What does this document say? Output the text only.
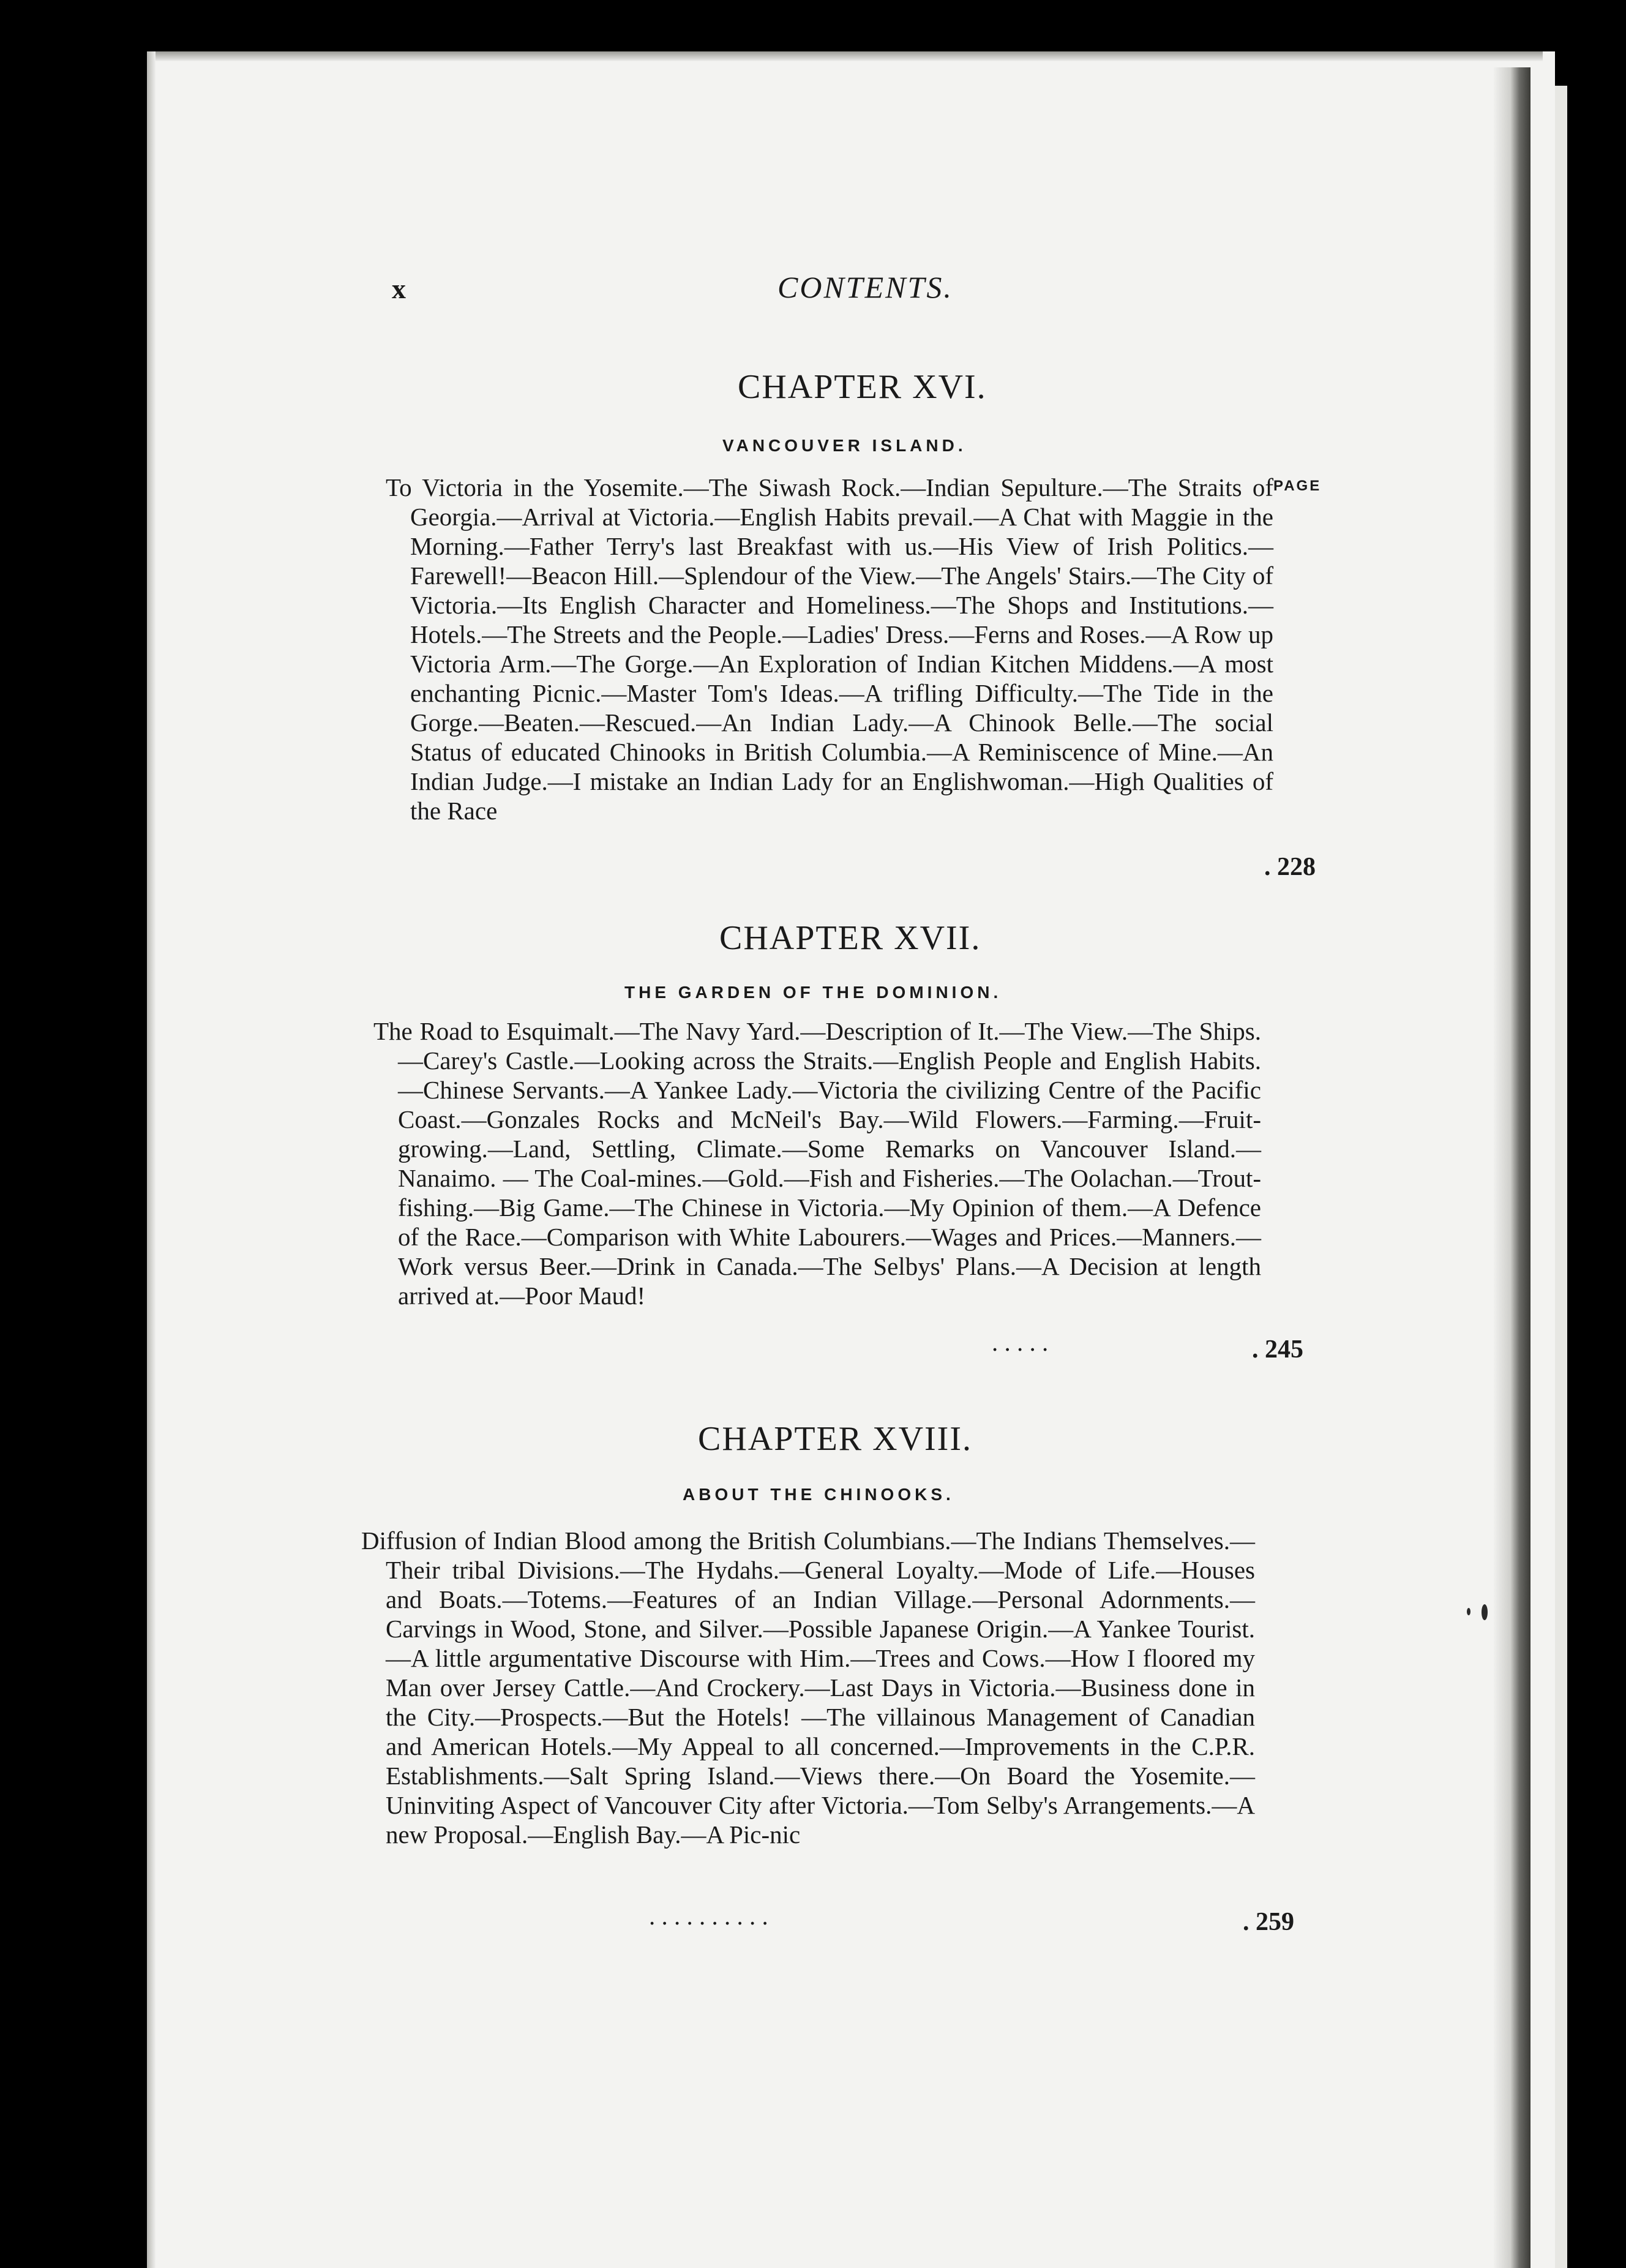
x	CONTENTS.
CHAPTER XVI.
VANCOUVER ISLAND.
PAGE

To Victoria in the Yosemite.—The Siwash Rock.—Indian Sepulture.—The Straits of Georgia.—Arrival at Victoria.—English Habits prevail.—A Chat with Maggie in the Morning.—Father Terry's last Breakfast with us.—His View of Irish Politics.—Farewell!—Beacon Hill.—Splendour of the View.—The Angels' Stairs.—The City of Victoria.—Its English Character and Homeliness.—The Shops and Institutions.—Hotels.—The Streets and the People.—Ladies' Dress.—Ferns and Roses.—A Row up Victoria Arm.—The Gorge.—An Exploration of Indian Kitchen Middens.—A most enchanting Picnic.—Master Tom's Ideas.—A trifling Difficulty.—The Tide in the Gorge.—Beaten.—Rescued.—An Indian Lady.—A Chinook Belle.—The social Status of educated Chinooks in British Columbia.—A Reminiscence of Mine.—An Indian Judge.—I mistake an Indian Lady for an Englishwoman.—High Qualities of the Race

. 228
CHAPTER XVII.
THE GARDEN OF THE DOMINION.

The Road to Esquimalt.—The Navy Yard.—Description of It.—The View.—The Ships.—Carey's Castle.—Looking across the Straits.—English People and English Habits.—Chinese Servants.—A Yankee Lady.—Victoria the civilizing Centre of the Pacific Coast.—Gonzales Rocks and McNeil's Bay.—Wild Flowers.—Farming.—Fruit-growing.—Land, Settling, Climate.—Some Remarks on Vancouver Island.— Nanaimo. — The Coal-mines.—Gold.—Fish and Fisheries.—The Oolachan.—Trout-fishing.—Big Game.—The Chinese in Victoria.—My Opinion of them.—A Defence of the Race.—Comparison with White Labourers.—Wages and Prices.—Manners.—Work versus Beer.—Drink in Canada.—The Selbys' Plans.—A Decision at length arrived at.—Poor Maud!

. . . . .	. 245
CHAPTER XVIII.
ABOUT THE CHINOOKS.

Diffusion of Indian Blood among the British Columbians.—The Indians Themselves.—Their tribal Divisions.—The Hydahs.—General Loyalty.—Mode of Life.—Houses and Boats.—Totems.—Features of an Indian Village.—Personal Adornments.—Carvings in Wood, Stone, and Silver.—Possible Japanese Origin.—A Yankee Tourist.—A little argumentative Discourse with Him.—Trees and Cows.—How I floored my Man over Jersey Cattle.—And Crockery.—Last Days in Victoria.—Business done in the City.—Prospects.—But the Hotels! —The villainous Management of Canadian and American Hotels.—My Appeal to all concerned.—Improvements in the C.P.R. Establishments.—Salt Spring Island.—Views there.—On Board the Yosemite.—Uninviting Aspect of Vancouver City after Victoria.—Tom Selby's Arrangements.—A new Proposal.—English Bay.—A Pic-nic

. . . . . . . . . .	. 259
